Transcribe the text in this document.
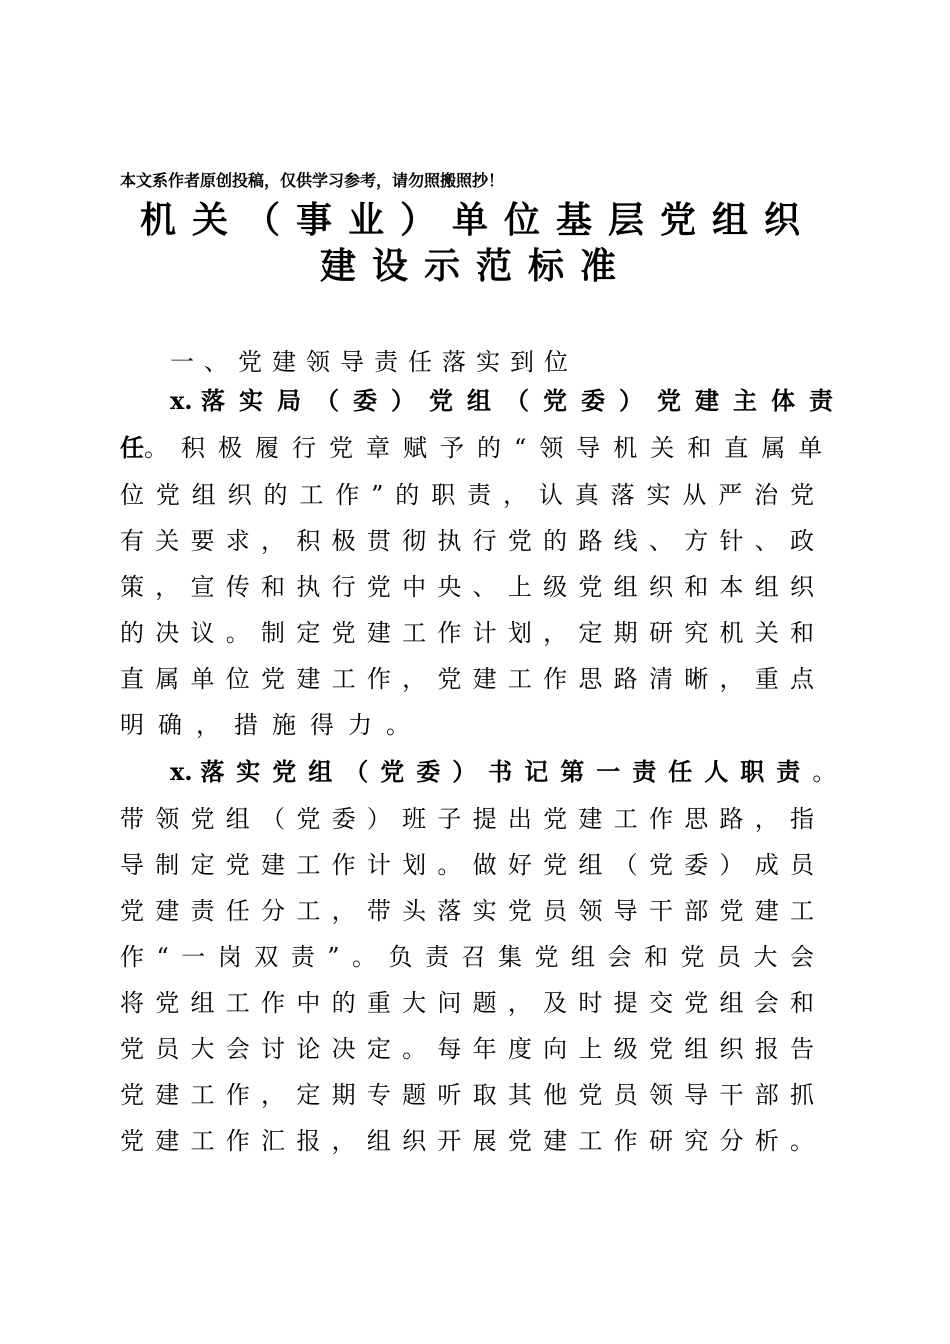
本文系作者原创投稿，仅供学习参考，请勿照搬照抄！
机关（事业）单位基层党组织
建设示范标准
一、党建领导责任落实到位
x. 落实局（委）党组（党委）党建主体责
任。积极履行党章赋予的“领导机关和直属单
位党组织的工作”的职责，认真落实从严治党
有关要求，积极贯彻执行党的路线、方针、政
策，宣传和执行党中央、上级党组织和本组织
的决议。制定党建工作计划，定期研究机关和
直属单位党建工作，党建工作思路清晰，重点
明确，措施得力。
x. 落实党组（党委）书记第一责任人职责。
带领党组（党委）班子提出党建工作思路，指
导制定党建工作计划。做好党组（党委）成员
党建责任分工，带头落实党员领导干部党建工
作“一岗双责”。负责召集党组会和党员大会
将党组工作中的重大问题，及时提交党组会和
党员大会讨论决定。每年度向上级党组织报告
党建工作，定期专题听取其他党员领导干部抓
党建工作汇报，组织开展党建工作研究分析。
